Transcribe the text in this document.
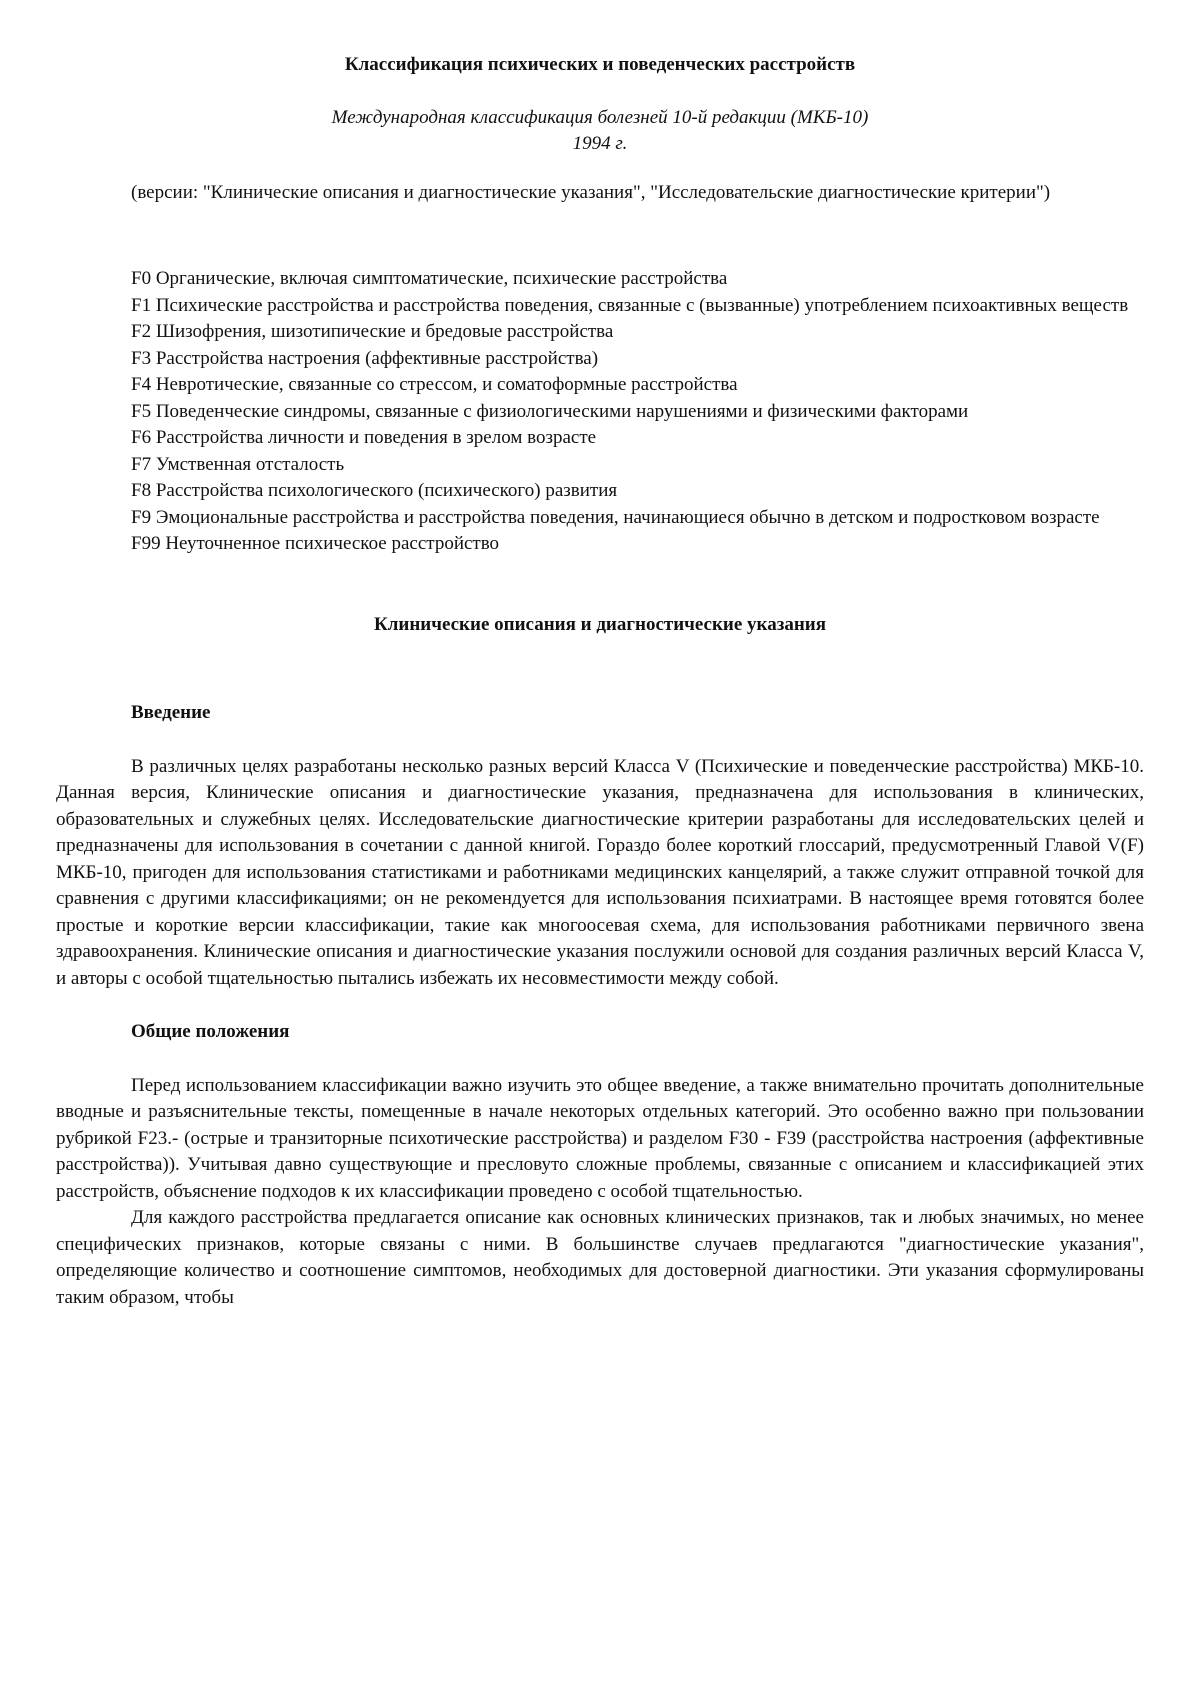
Классификация психических и поведенческих расстройств

Международная классификация болезней 10-й редакции (МКБ-10)

1994 г.

(версии: "Клинические описания и диагностические указания", "Исследовательские диагностические критерии")

F0 Органические, включая симптоматические, психические расстройства

F1 Психические расстройства и расстройства поведения, связанные с (вызванные) употреблением психоактивных веществ

F2 Шизофрения, шизотипические и бредовые расстройства

F3 Расстройства настроения (аффективные расстройства)

F4 Невротические, связанные со стрессом, и соматоформные расстройства

F5 Поведенческие синдромы, связанные с физиологическими нарушениями и физическими факторами

F6 Расстройства личности и поведения в зрелом возрасте

F7 Умственная отсталость

F8 Расстройства психологического (психического) развития

F9 Эмоциональные расстройства и расстройства поведения, начинающиеся обычно в детском и подростковом возрасте

F99 Неуточненное психическое расстройство

Клинические описания и диагностические указания

Введение

В различных целях разработаны несколько разных версий Класса V (Психические и поведенческие расстройства) МКБ-10. Данная версия, Клинические описания и диагностические указания, предназначена для использования в клинических, образовательных и служебных целях. Исследовательские диагностические критерии разработаны для исследовательских целей и предназначены для использования в сочетании с данной книгой. Гораздо более короткий глоссарий, предусмотренный Главой V(F) МКБ-10, пригоден для использования статистиками и работниками медицинских канцелярий, а также служит отправной точкой для сравнения с другими классификациями; он не рекомендуется для использования психиатрами. В настоящее время готовятся более простые и короткие версии классификации, такие как многоосевая схема, для использования работниками первичного звена здравоохранения. Клинические описания и диагностические указания послужили основой для создания различных версий Класса V, и авторы с особой тщательностью пытались избежать их несовместимости между собой.

Общие положения

Перед использованием классификации важно изучить это общее введение, а также внимательно прочитать дополнительные вводные и разъяснительные тексты, помещенные в начале некоторых отдельных категорий. Это особенно важно при пользовании рубрикой F23.- (острые и транзиторные психотические расстройства) и разделом F30 - F39 (расстройства настроения (аффективные расстройства)). Учитывая давно существующие и пресловуто сложные проблемы, связанные с описанием и классификацией этих расстройств, объяснение подходов к их классификации проведено с особой тщательностью.

Для каждого расстройства предлагается описание как основных клинических признаков, так и любых значимых, но менее специфических признаков, которые связаны с ними. В большинстве случаев предлагаются "диагностические указания", определяющие количество и соотношение симптомов, необходимых для достоверной диагностики. Эти указания сформулированы таким образом, чтобы
